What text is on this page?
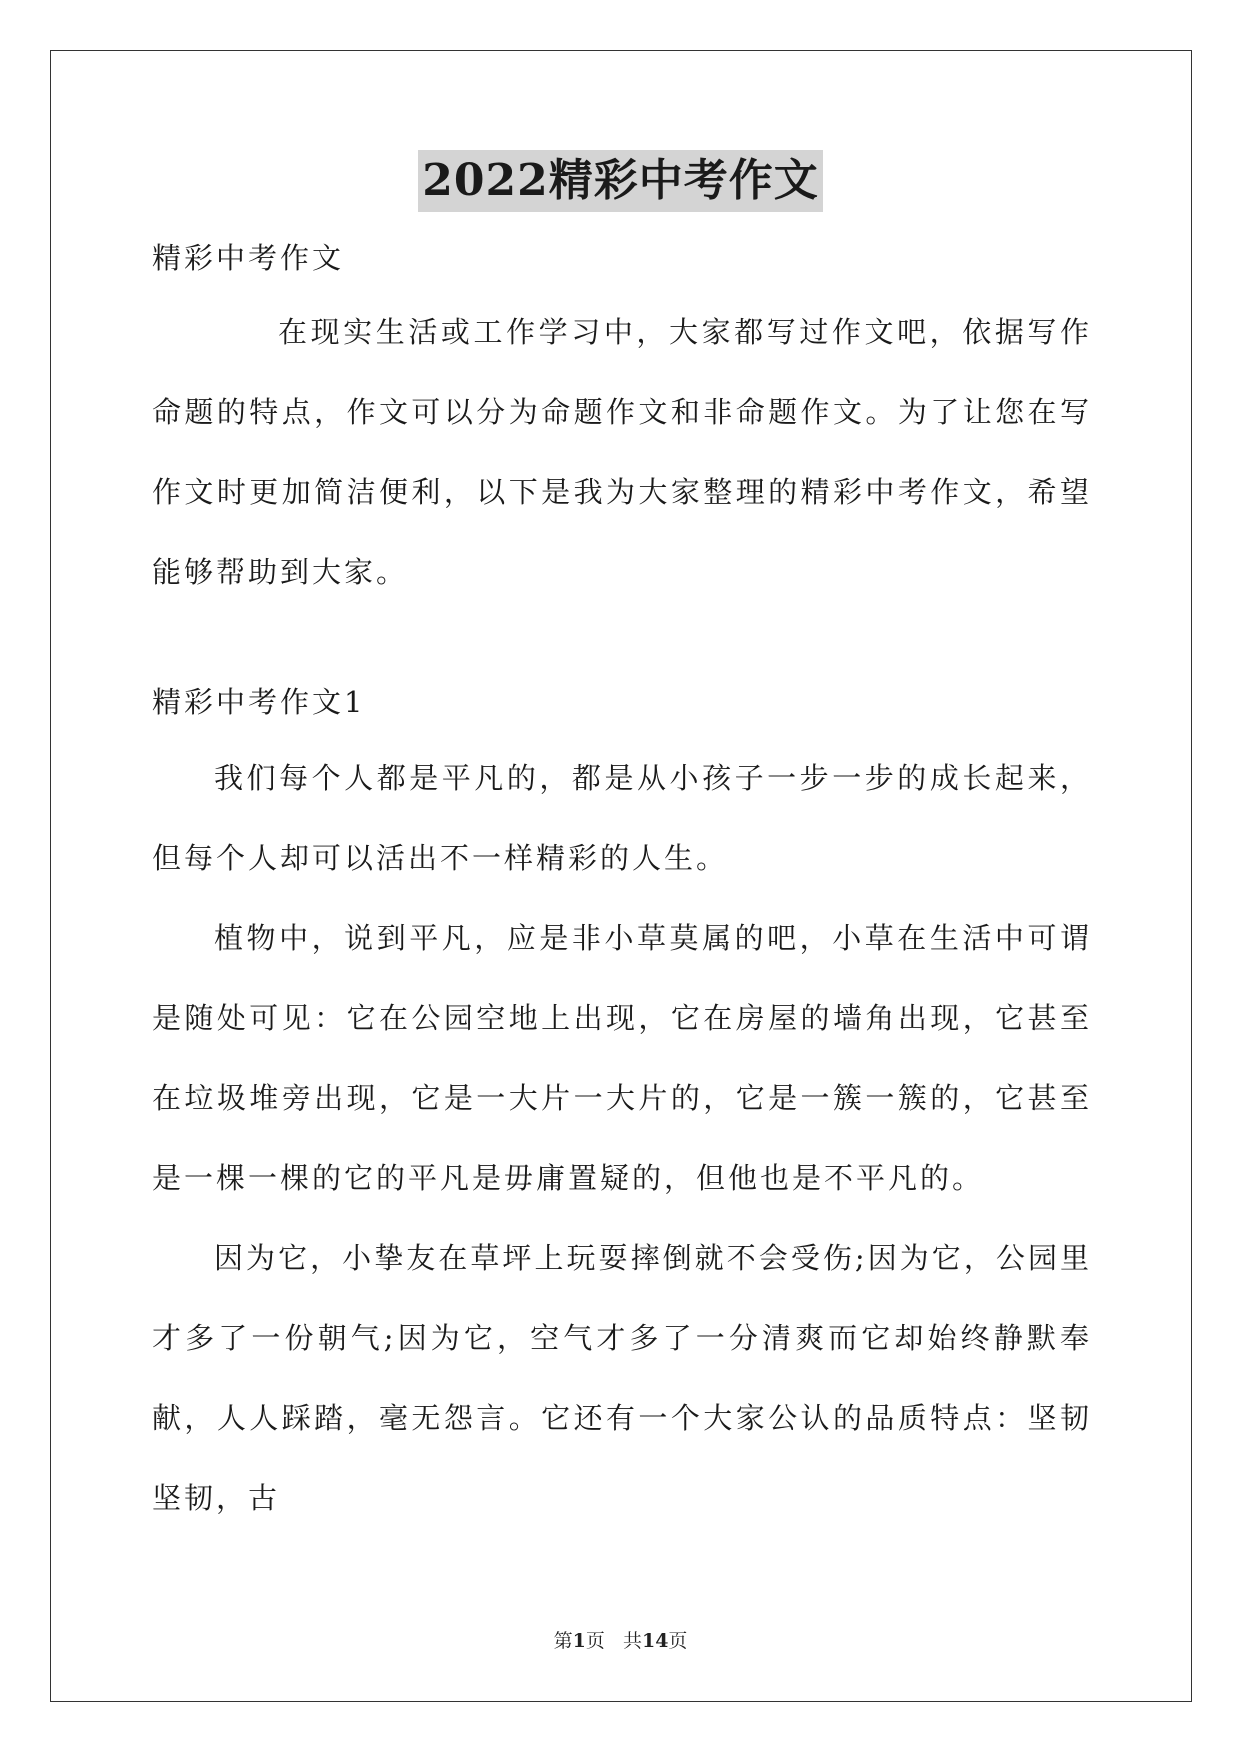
2022精彩中考作文
精彩中考作文

在现实生活或工作学习中，大家都写过作文吧，依据写作命题的特点，作文可以分为命题作文和非命题作文。为了让您在写作文时更加简洁便利，以下是我为大家整理的精彩中考作文，希望能够帮助到大家。

精彩中考作文1

我们每个人都是平凡的，都是从小孩子一步一步的成长起来，但每个人却可以活出不一样精彩的人生。

植物中，说到平凡，应是非小草莫属的吧，小草在生活中可谓是随处可见：它在公园空地上出现，它在房屋的墙角出现，它甚至在垃圾堆旁出现，它是一大片一大片的，它是一簇一簇的，它甚至是一棵一棵的它的平凡是毋庸置疑的，但他也是不平凡的。

因为它，小挚友在草坪上玩耍摔倒就不会受伤;因为它，公园里才多了一份朝气;因为它，空气才多了一分清爽而它却始终静默奉献，人人踩踏，毫无怨言。它还有一个大家公认的品质特点：坚韧坚韧，古

第1页 共14页
